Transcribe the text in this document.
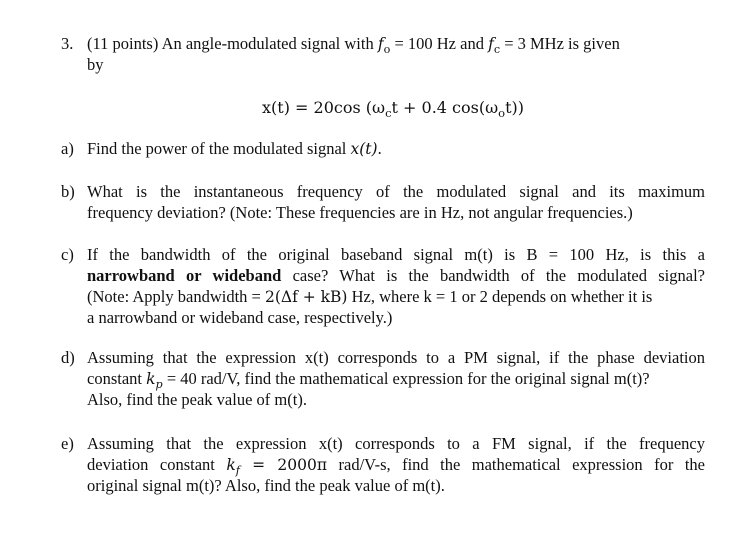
3. (11 points) An angle-modulated signal with $f_o = 100$ Hz and $f_c = 3$ MHz is given
by
x(t) = 20cos ($\omega_ct + 0.4$ $\cos(\omega_ot)$)
a) Find the power of the modulated signal x(t).
b) What is the instantaneous frequency of the modulated signal and its maximum
frequency deviation? (Note: These frequencies are in Hz, not angular frequencies.)
c) If the bandwidth of the original baseband signal m(t) is B = 100 Hz, is this a
narrowband or wideband case? What is the bandwidth of the modulated signal?
(Note: Apply bandwidth = 2(Δf + kB) Hz, where k = 1 or 2 depends on whether it is
a narrowband or wideband case, respectively.)
d) Assuming that the expression x(t) corresponds to a PM signal, if the phase deviation
constant $k_p = 40$ rad/V, find the mathematical expression for the original signal m(t)?
Also, find the peak value of m(t).
e) Assuming that the expression x(t) corresponds to a FM signal, if the frequency
deviation constant $k_f = 2000\pi$ rad/V-s, find the mathematical expression for the
original signal m(t)? Also, find the peak value of m(t).
